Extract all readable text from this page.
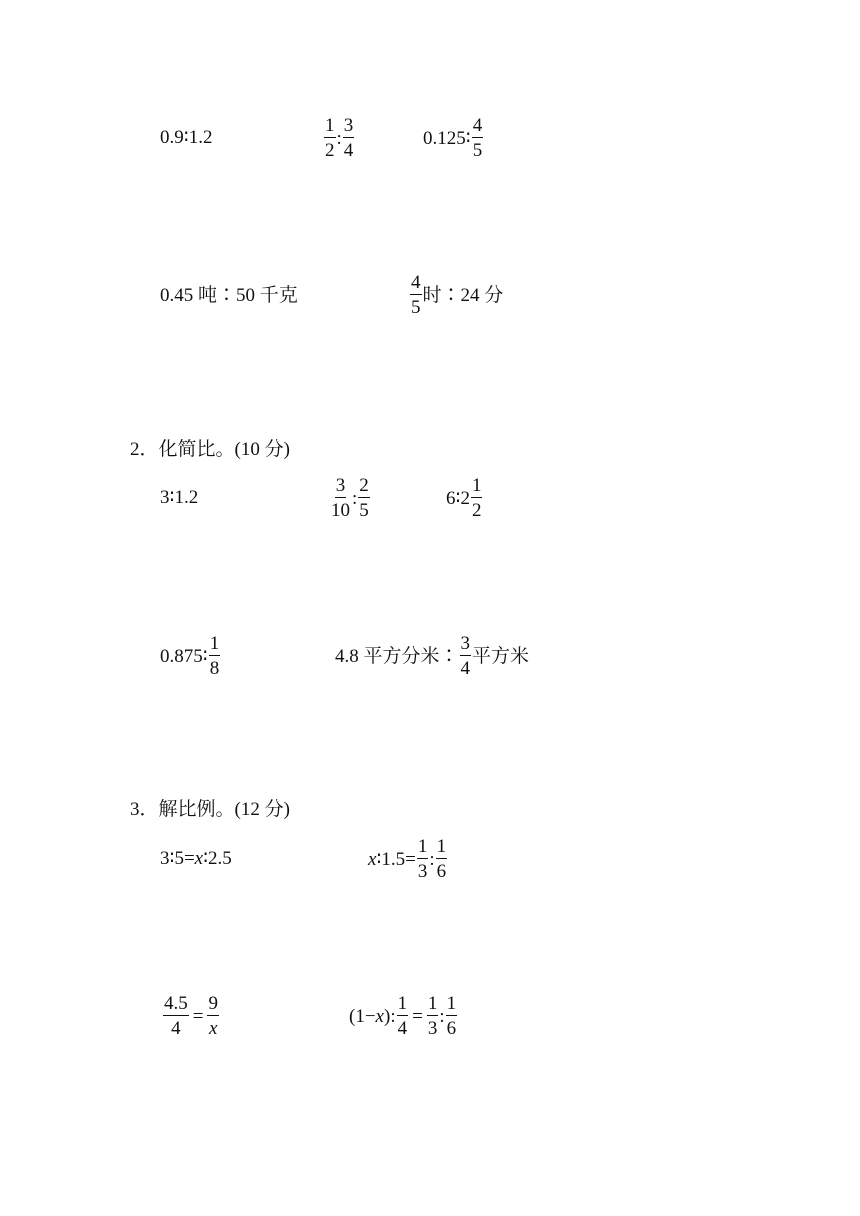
0.9∶1.2	$\frac{1}{2}$ : $\frac{3}{4}$	0.125∶ $\frac{4}{5}$
0.45 吨∶50 千克	$\frac{4}{5}$ 时∶24 分
2．化简比。(10 分)
3∶1.2	$\frac{3}{10}$ : $\frac{2}{5}$	6∶2 $\frac{1}{2}$
0.875∶ $\frac{1}{8}$	4.8 平方分米∶ $\frac{3}{4}$ 平方米
3．解比例。(12 分)
3∶5= x ∶2.5	x ∶1.5= $\frac{1}{3}$ : $\frac{1}{6}$
$\frac{4.5}{4} = \frac{9}{x}$	(1− x ) : $\frac{1}{4} = \frac{1}{3}$ : $\frac{1}{6}$
